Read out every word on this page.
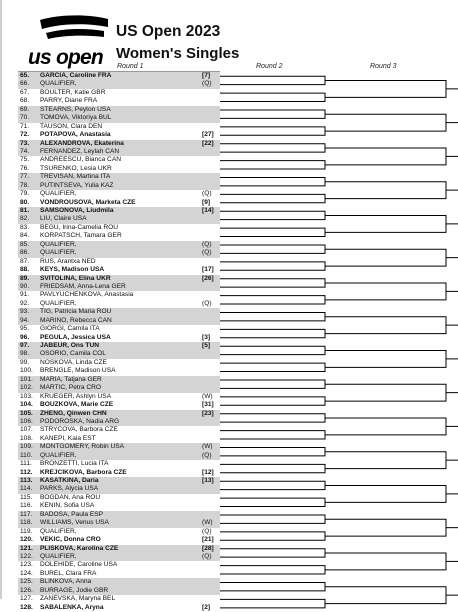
us open
US Open 2023
Women's Singles
Round 1	Round 2	Round 3
65.	GARCIA, Caroline FRA	[7]
66.	QUALIFIER,	(Q)
67.	BOULTER, Katie GBR
68.	PARRY, Diane FRA
69.	STEARNS, Peyton USA
70.	TOMOVA, Viktoriya BUL
71.	TAUSON, Clara DEN
72.	POTAPOVA, Anastasia	[27]
73.	ALEXANDROVA, Ekaterina	[22]
74.	FERNANDEZ, Leylah CAN
75.	ANDREESCU, Bianca CAN
76.	TSURENKO, Lesia UKR
77.	TREVISAN, Martina ITA
78.	PUTINTSEVA, Yulia KAZ
79.	QUALIFIER,	(Q)
80.	VONDROUSOVA, Marketa CZE	[9]
81.	SAMSONOVA, Liudmila	[14]
82.	LIU, Claire USA
83.	BEGU, Irina-Camelia ROU
84.	KORPATSCH, Tamara GER
85.	QUALIFIER,	(Q)
86.	QUALIFIER,	(Q)
87.	RUS, Arantxa NED
88.	KEYS, Madison USA	[17]
89.	SVITOLINA, Elina UKR	[26]
90.	FRIEDSAM, Anna-Lena GER
91.	PAVLYUCHENKOVA, Anastasia
92.	QUALIFIER,	(Q)
93.	TIG, Patricia Maria ROU
94.	MARINO, Rebecca CAN
95.	GIORGI, Camila ITA
96.	PEGULA, Jessica USA	[3]
97.	JABEUR, Ons TUN	[5]
98.	OSORIO, Camila COL
99.	NOSKOVA, Linda CZE
100.	BRENGLE, Madison USA
101.	MARIA, Tatjana GER
102.	MARTIC, Petra CRO
103.	KRUEGER, Ashlyn USA	(W)
104.	BOUZKOVA, Marie CZE	[31]
105.	ZHENG, Qinwen CHN	[23]
106.	PODOROSKA, Nadia ARG
107.	STRYCOVA, Barbora CZE
108.	KANEPI, Kaia EST
109.	MONTGOMERY, Robin USA	(W)
110.	QUALIFIER,	(Q)
111.	BRONZETTI, Lucia ITA
112.	KREJCIKOVA, Barbora CZE	[12]
113.	KASATKINA, Daria	[13]
114.	PARKS, Alycia USA
115.	BOGDAN, Ana ROU
116.	KENIN, Sofia USA
117.	BADOSA, Paula ESP
118.	WILLIAMS, Venus USA	(W)
119.	QUALIFIER,	(Q)
120.	VEKIC, Donna CRO	[21]
121.	PLISKOVA, Karolina CZE	[28]
122.	QUALIFIER,	(Q)
123.	DOLEHIDE, Caroline USA
124.	BUREL, Clara FRA
125.	BLINKOVA, Anna
126.	BURRAGE, Jodie GBR
127.	ZANEVSKA, Maryna BEL
128.	SABALENKA, Aryna	[2]
